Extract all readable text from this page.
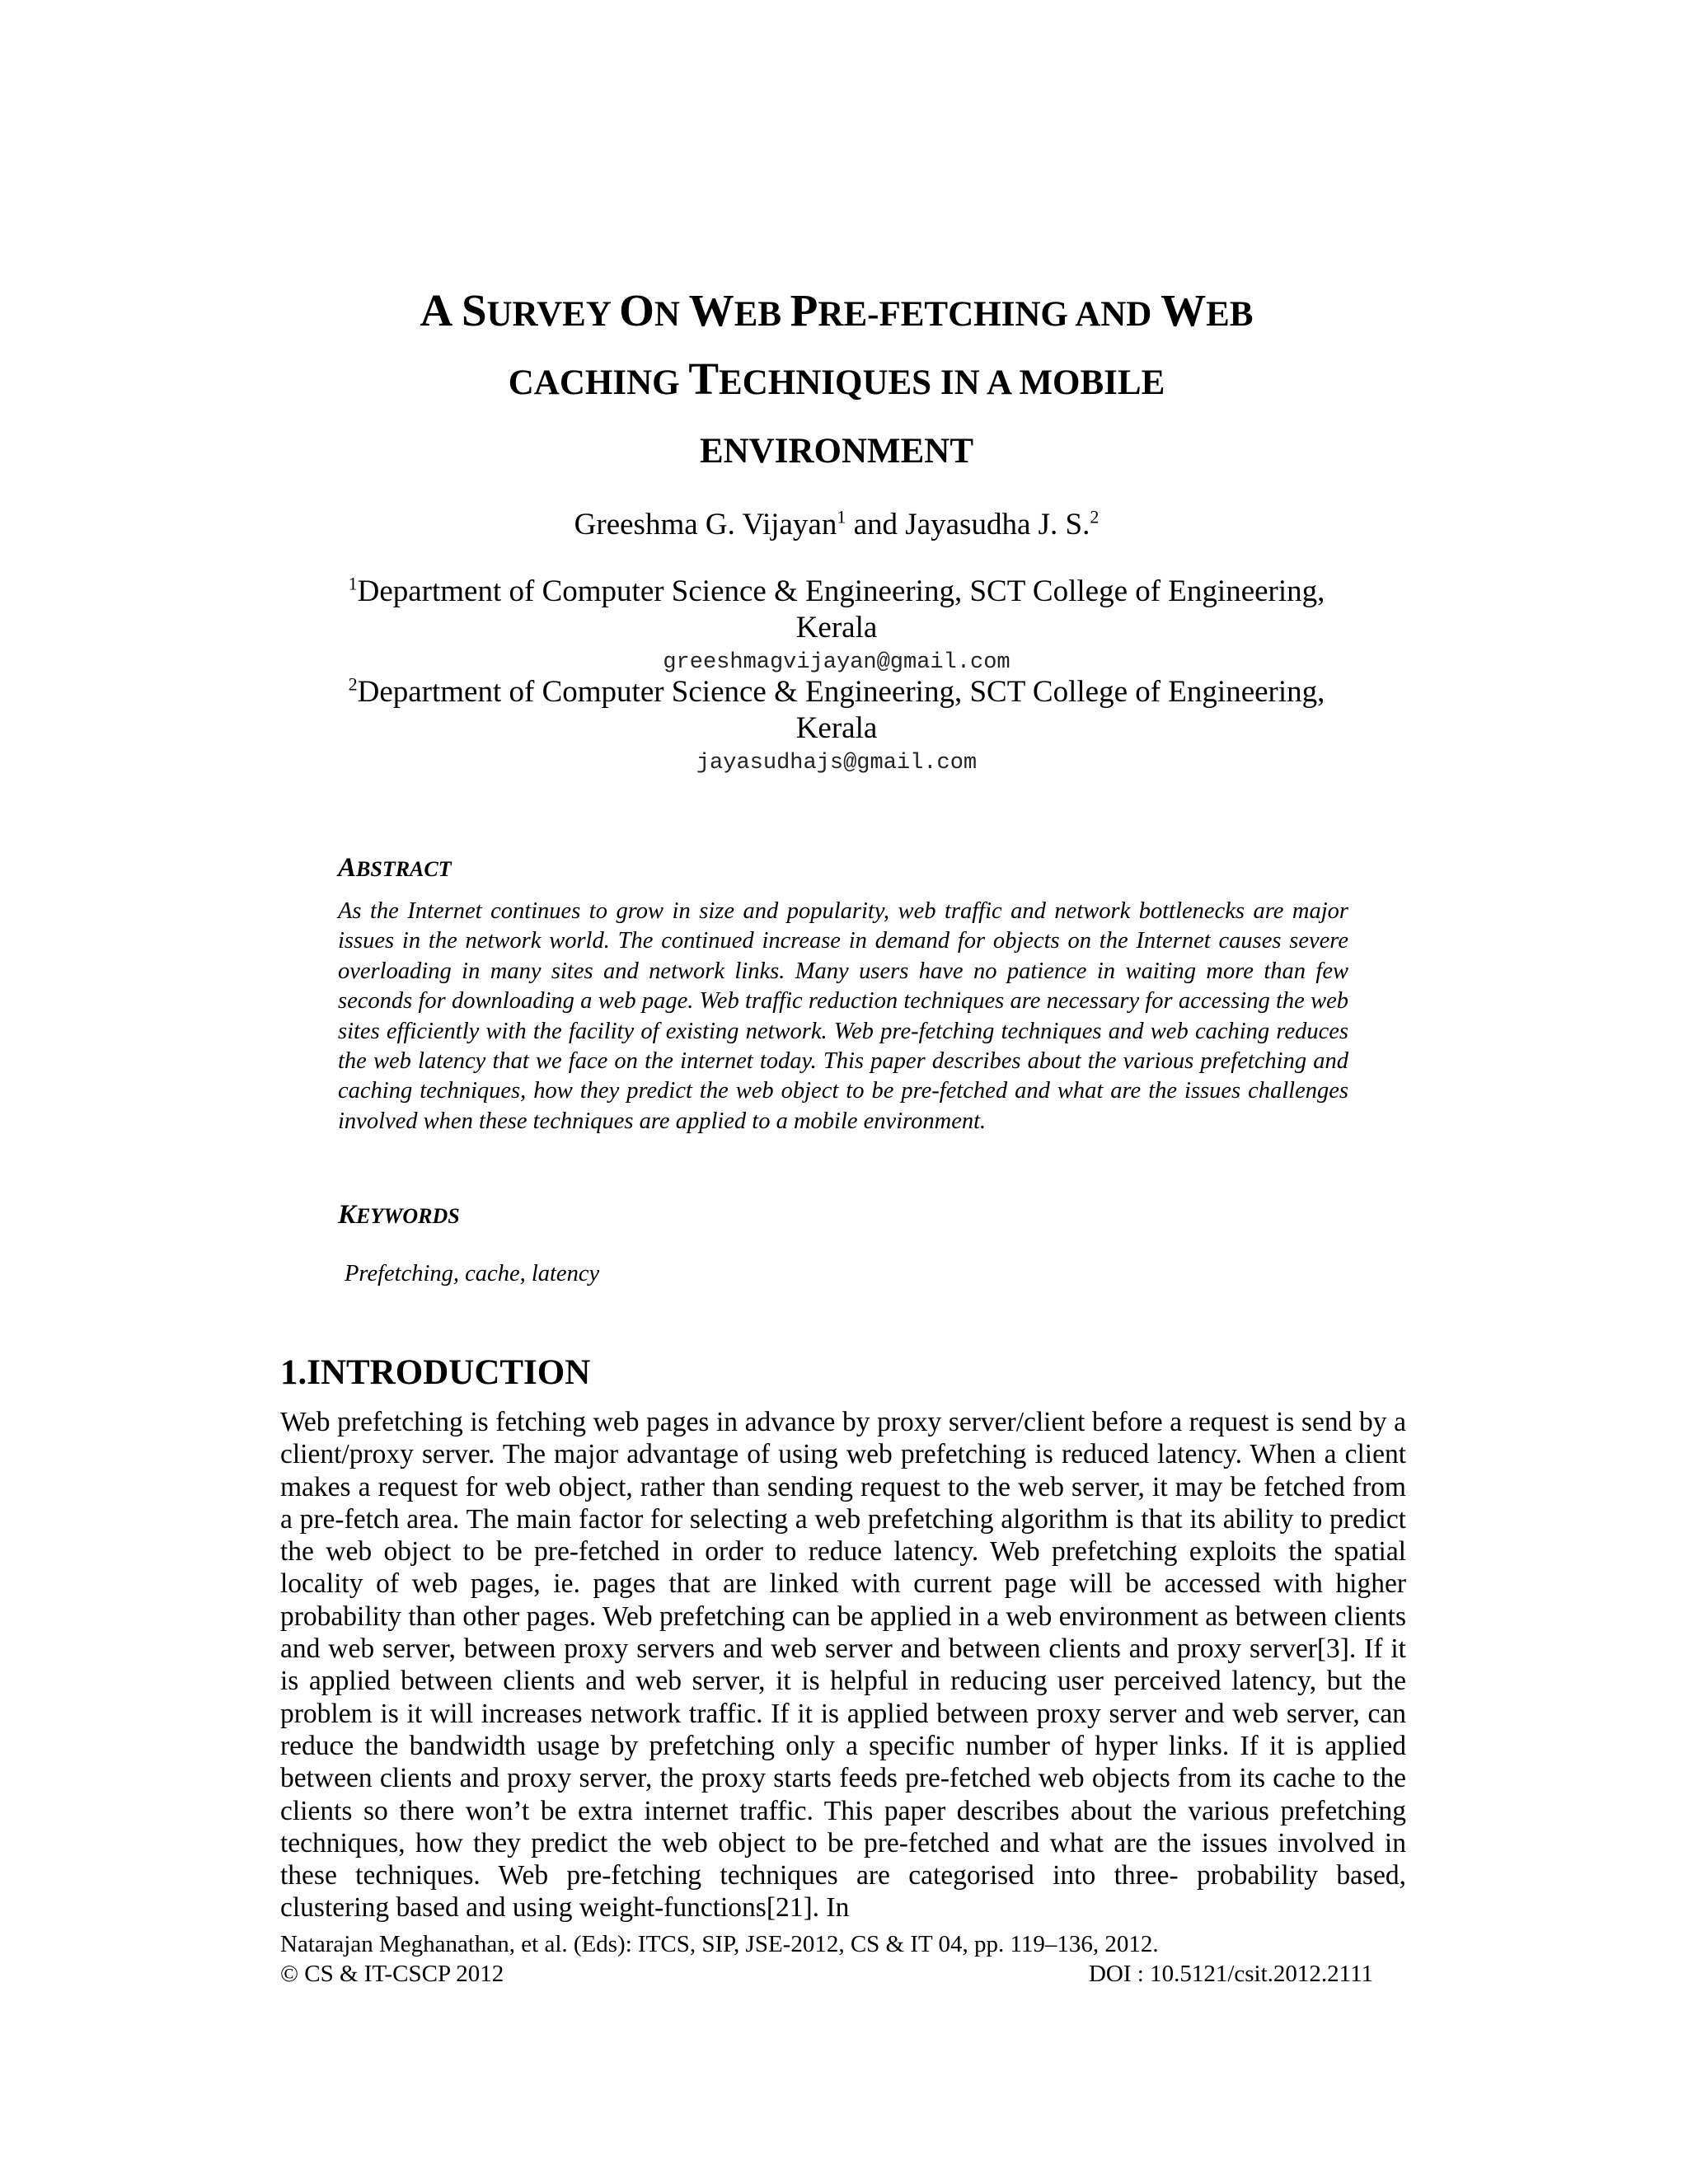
A SURVEY ON WEB PRE-FETCHING AND WEB
CACHING TECHNIQUES IN A MOBILE
ENVIRONMENT
Greeshma G. Vijayan$^1$ and Jayasudha J. S.$^2$
$^1$Department of Computer Science & Engineering, SCT College of Engineering,
Kerala
greeshmagvijayan@gmail.com
$^2$Department of Computer Science & Engineering, SCT College of Engineering,
Kerala
jayasudhajs@gmail.com
ABSTRACT
As the Internet continues to grow in size and popularity, web traffic and network bottlenecks are major issues in the network world. The continued increase in demand for objects on the Internet causes severe overloading in many sites and network links. Many users have no patience in waiting more than few seconds for downloading a web page. Web traffic reduction techniques are necessary for accessing the web sites efficiently with the facility of existing network. Web pre-fetching techniques and web caching reduces the web latency that we face on the internet today. This paper describes about the various prefetching and caching techniques, how they predict the web object to be pre-fetched and what are the issues challenges involved when these techniques are applied to a mobile environment.
KEYWORDS
Prefetching, cache, latency
1.INTRODUCTION
Web prefetching is fetching web pages in advance by proxy server/client before a request is send by a client/proxy server. The major advantage of using web prefetching is reduced latency. When a client makes a request for web object, rather than sending request to the web server, it may be fetched from a pre-fetch area. The main factor for selecting a web prefetching algorithm is that its ability to predict the web object to be pre-fetched in order to reduce latency. Web prefetching exploits the spatial locality of web pages, ie. pages that are linked with current page will be accessed with higher probability than other pages. Web prefetching can be applied in a web environment as between clients and web server, between proxy servers and web server and between clients and proxy server[3]. If it is applied between clients and web server, it is helpful in reducing user perceived latency, but the problem is it will increases network traffic. If it is applied between proxy server and web server, can reduce the bandwidth usage by prefetching only a specific number of hyper links. If it is applied between clients and proxy server, the proxy starts feeds pre-fetched web objects from its cache to the clients so there won’t be extra internet traffic. This paper describes about the various prefetching techniques, how they predict the web object to be pre-fetched and what are the issues involved in these techniques. Web pre-fetching techniques are categorised into three- probability based, clustering based and using weight-functions[21]. In
Natarajan Meghanathan, et al. (Eds): ITCS, SIP, JSE-2012, CS & IT 04, pp. 119–136, 2012.
© CS & IT-CSCP 2012	DOI : 10.5121/csit.2012.2111
